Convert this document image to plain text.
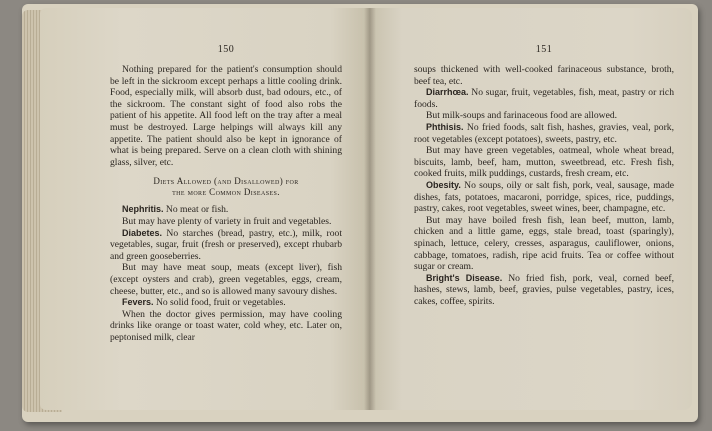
150

Nothing prepared for the patient's consumption should be left in the sickroom except perhaps a little cooling drink. Food, especially milk, will absorb dust, bad odours, etc., of the sickroom. The constant sight of food also robs the patient of his appetite. All food left on the tray after a meal must be destroyed. Large helpings will always kill any appetite. The patient should also be kept in ignorance of what is being prepared. Serve on a clean cloth with shining glass, silver, etc.

Diets Allowed (and Disallowed) for
the more Common Diseases.

Nephritis. No meat or fish.

But may have plenty of variety in fruit and vegetables.

Diabetes. No starches (bread, pastry, etc.), milk, root vegetables, sugar, fruit (fresh or preserved), except rhubarb and green gooseberries.

But may have meat soup, meats (except liver), fish (except oysters and crab), green vegetables, eggs, cream, cheese, butter, etc., and so is allowed many savoury dishes.

Fevers. No solid food, fruit or vegetables.

When the doctor gives permission, may have cooling drinks like orange or toast water, cold whey, etc. Later on, peptonised milk, clear

151

soups thickened with well-cooked farinaceous substance, broth, beef tea, etc.

Diarrhœa. No sugar, fruit, vegetables, fish, meat, pastry or rich foods.

But milk-soups and farinaceous food are allowed.

Phthisis. No fried foods, salt fish, hashes, gravies, veal, pork, root vegetables (except potatoes), sweets, pastry, etc.

But may have green vegetables, oatmeal, whole wheat bread, biscuits, lamb, beef, ham, mutton, sweetbread, etc. Fresh fish, cooked fruits, milk puddings, custards, fresh cream, etc.

Obesity. No soups, oily or salt fish, pork, veal, sausage, made dishes, fats, potatoes, macaroni, porridge, spices, rice, puddings, pastry, cakes, root vegetables, sweet wines, beer, champagne, etc.

But may have boiled fresh fish, lean beef, mutton, lamb, chicken and a little game, eggs, stale bread, toast (sparingly), spinach, lettuce, celery, cresses, asparagus, cauliflower, onions, cabbage, tomatoes, radish, ripe acid fruits. Tea or coffee without sugar or cream.

Bright's Disease. No fried fish, pork, veal, corned beef, hashes, stews, lamb, beef, gravies, pulse vegetables, pastry, ices, cakes, coffee, spirits.
